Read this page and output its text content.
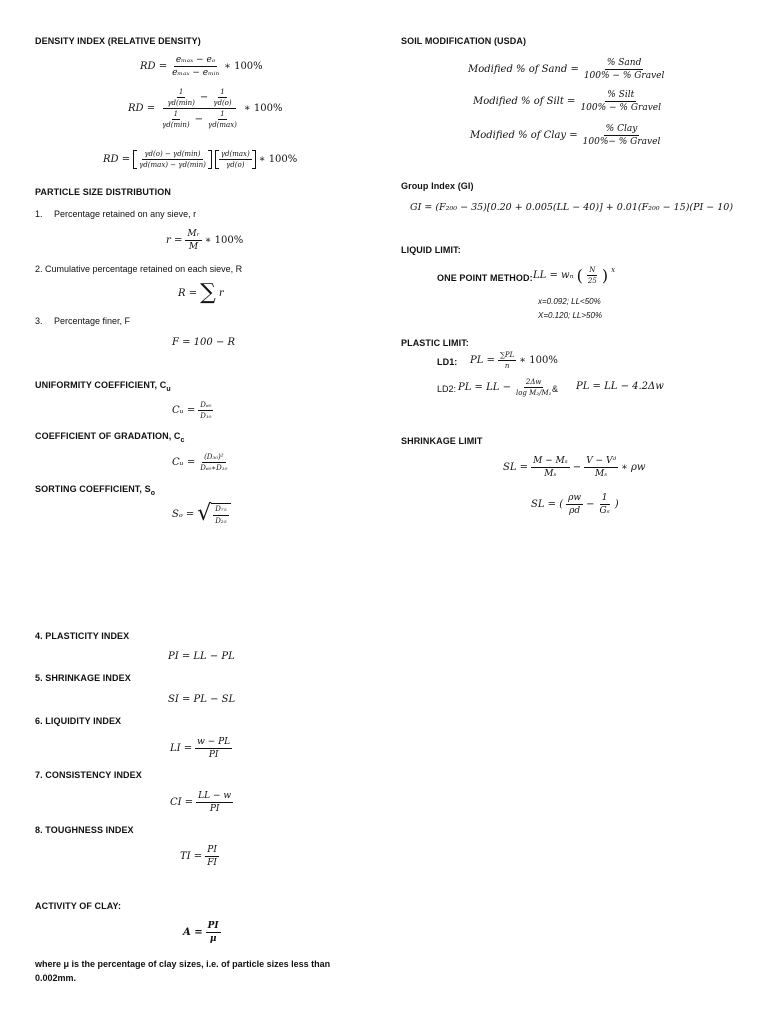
DENSITY INDEX (RELATIVE DENSITY)
RD = $\frac{\text{eₘₐₓ − eₒ}}{\text{eₘₐₓ − eₘᵢₙ}}$ ∗ 100%
RD = $\frac{\frac{1}{\gamma d(\min)} - \frac{1}{\gamma d(o)}}{\frac{1}{\gamma d(\min)} - \frac{1}{\gamma d(\max)}}$ ∗ 100%
RD = $\frac{\gamma d(o) - \gamma d(\min)}{\gamma d(\max) - \gamma d(\min)} \frac{\gamma d(\max)}{\gamma d(o)}$ ∗ 100%
PARTICLE SIZE DISTRIBUTION
1.  Percentage retained on any sieve, r
$r = \frac{\text{Mᵣ}}{M}$ ∗ 100%
2. Cumulative percentage retained on each sieve, R
R = ∑ r
3.  Percentage finer, F
F = 100 − R
UNIFORMITY COEFFICIENT, $C_u$
Cᵤ = $\frac{\text{D₆₀}}{\text{D₁₀}}$
COEFFICIENT OF GRADATION, $C_c$
Cᵤ = $\frac{\text{(D₃₀)²}}{\text{D₆₀∗D₁₀}}$
SORTING COEFFICIENT, $S_o$
Sₒ = √ $\frac{\text{D₇₅}}{\text{D₂₅}}$
4. PLASTICITY INDEX
PI = LL − PL
5. SHRINKAGE INDEX
SI = PL − SL
6. LIQUIDITY INDEX
LI = $\frac{w - PL}{PI}$
7. CONSISTENCY INDEX
CI = $\frac{LL - w}{PI}$
8. TOUGHNESS INDEX
TI = $\frac{PI}{FI}$
ACTIVITY OF CLAY:
$A = \frac{PI}{\mu}$
where μ is the percentage of clay sizes, i.e. of particle sizes less than 0.002mm.
SOIL MODIFICATION (USDA)
Modified % of Sand = $\frac{\text{\% Sand}}{\text{100\% − \% Gravel}}$
Modified % of Silt = $\frac{\text{\% Silt}}{\text{100\% − \% Gravel}}$
Modified % of Clay = $\frac{\text{\% Clay}}{\text{100\%− \% Gravel}}$
Group Index (GI)
GI = (F₂₀₀ − 35)[0.20 + 0.005(LL − 40)] + 0.01(F₂₀₀ − 15)(PI − 10)
LIQUID LIMIT:
ONE POINT METHOD: LL = wₙ ( $\frac{N}{25}$ ) $^x$
x=0.092; LL<50%
X=0.120; LL>50%
PLASTIC LIMIT:
LD1: PL = $\frac{\sum PL}{n}$ ∗ 100%
LD2: PL = LL − $\frac{2\Delta w}{\text{log M₂/M₁}}$
& PL = LL − 4.2Δw
SHRINKAGE LIMIT
SL = $\frac{\text{M − Mₛ}}{\text{Mₛ}} - \frac{\text{V − Vᵈ}}{\text{Mₛ}}$ ∗ ρw
SL = ( $\frac{\rho w}{\rho d} - \frac{1}{\text{Gₛ}}$ )
